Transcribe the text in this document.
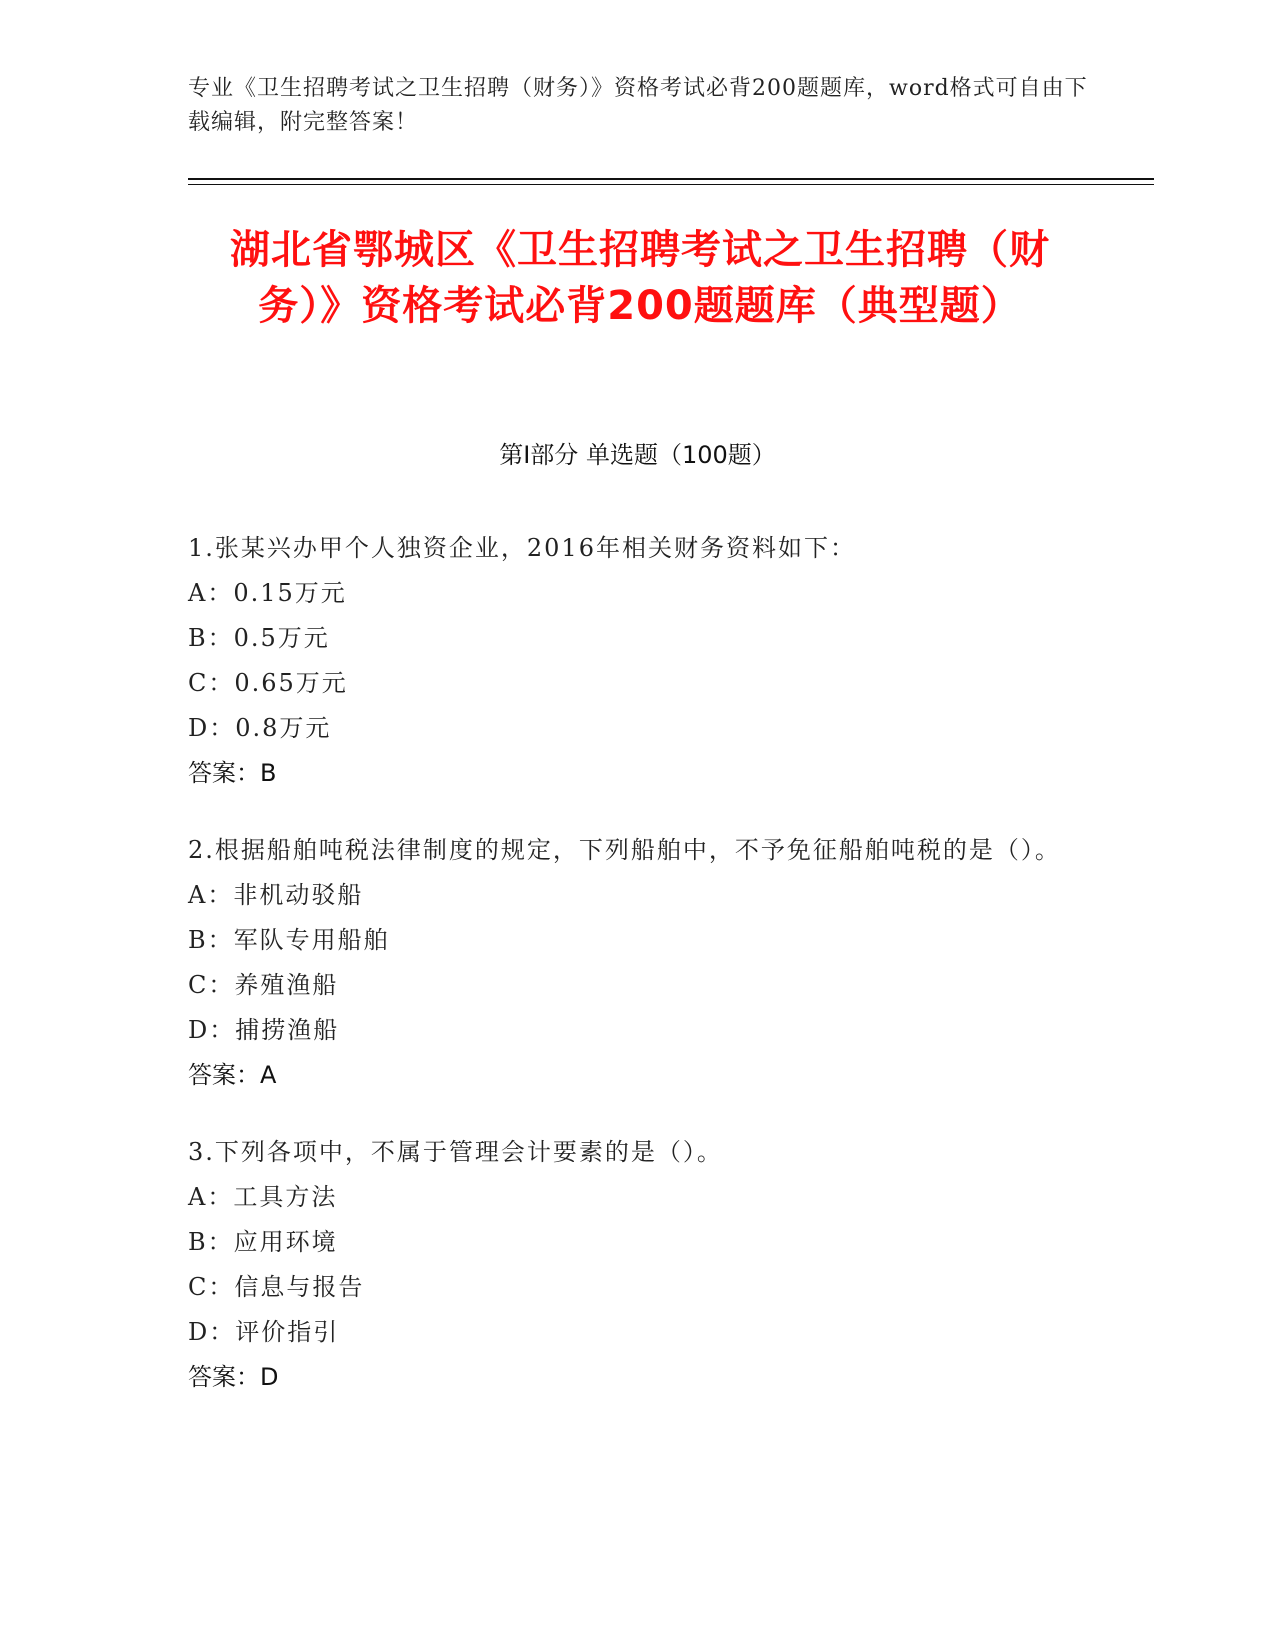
专业《卫生招聘考试之卫生招聘（财务）》资格考试必背200题题库，word格式可自由下载编辑，附完整答案！
湖北省鄂城区《卫生招聘考试之卫生招聘（财务）》资格考试必背200题题库（典型题）
第I部分 单选题（100题）
1.张某兴办甲个人独资企业，2016年相关财务资料如下：
A：0.15万元
B：0.5万元
C：0.65万元
D：0.8万元
答案：B
2.根据船舶吨税法律制度的规定，下列船舶中，不予免征船舶吨税的是（）。
A：非机动驳船
B：军队专用船舶
C：养殖渔船
D：捕捞渔船
答案：A
3.下列各项中，不属于管理会计要素的是（）。
A：工具方法
B：应用环境
C：信息与报告
D：评价指引
答案：D
